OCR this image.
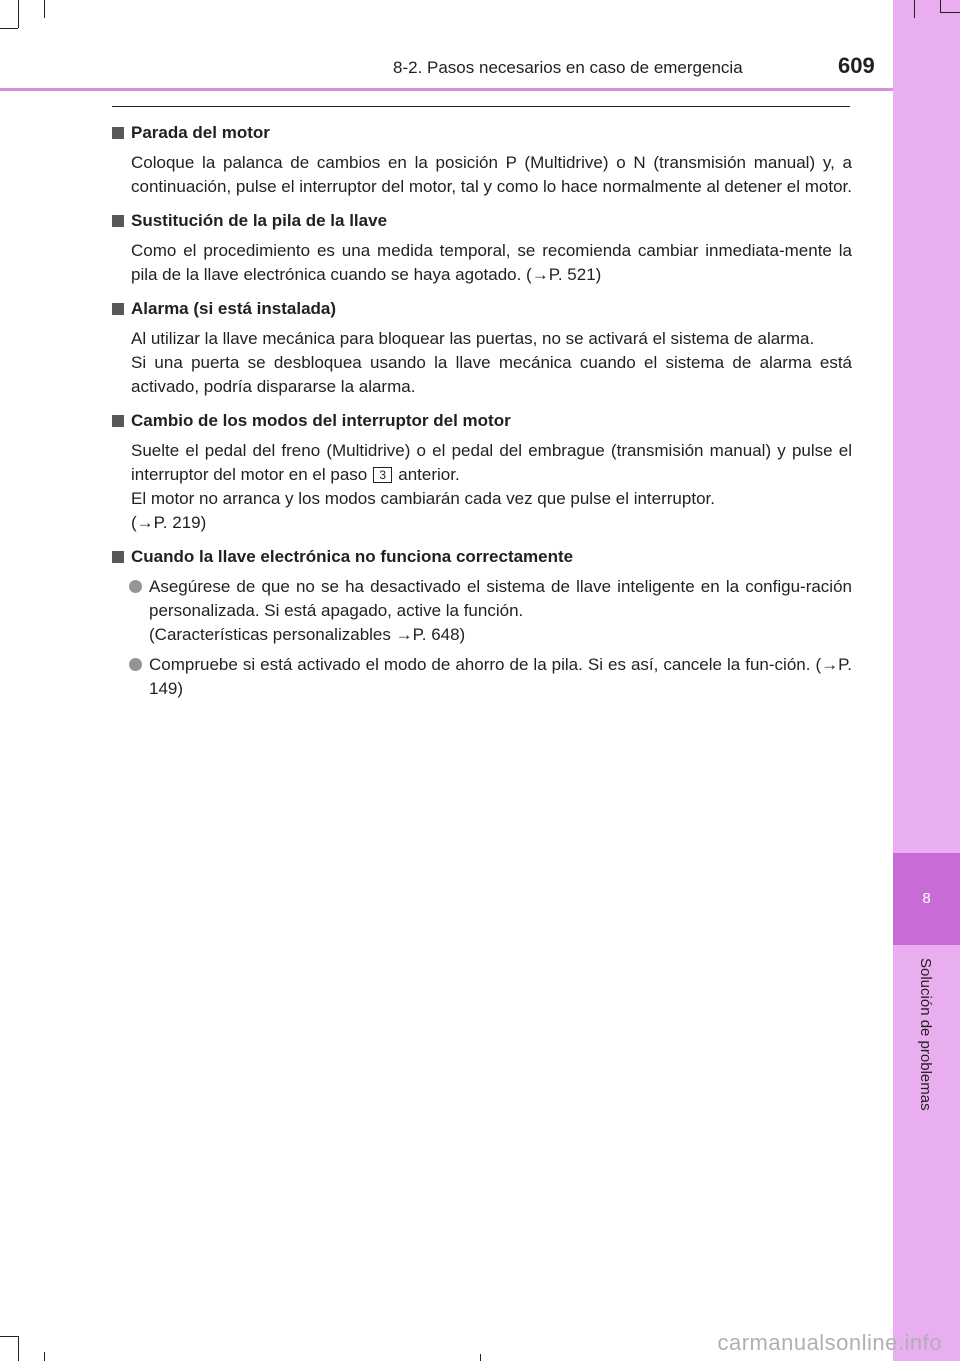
8
Solución de problemas
8-2. Pasos necesarios en caso de emergencia	609
Parada del motor
Coloque la palanca de cambios en la posición P (Multidrive) o N (transmisión manual) y, a continuación, pulse el interruptor del motor, tal y como lo hace normalmente al detener el motor.
Sustitución de la pila de la llave
Como el procedimiento es una medida temporal, se recomienda cambiar inmediata-mente la pila de la llave electrónica cuando se haya agotado. (→P. 521)
Alarma (si está instalada)
Al utilizar la llave mecánica para bloquear las puertas, no se activará el sistema de alarma.
Si una puerta se desbloquea usando la llave mecánica cuando el sistema de alarma está activado, podría dispararse la alarma.
Cambio de los modos del interruptor del motor
Suelte el pedal del freno (Multidrive) o el pedal del embrague (transmisión manual) y pulse el interruptor del motor en el paso 3 anterior.
El motor no arranca y los modos cambiarán cada vez que pulse el interruptor.
(→P. 219)
Cuando la llave electrónica no funciona correctamente
Asegúrese de que no se ha desactivado el sistema de llave inteligente en la configu-ración personalizada. Si está apagado, active la función.
(Características personalizables →P. 648)
Compruebe si está activado el modo de ahorro de la pila. Si es así, cancele la fun-ción. (→P. 149)
carmanualsonline.info
